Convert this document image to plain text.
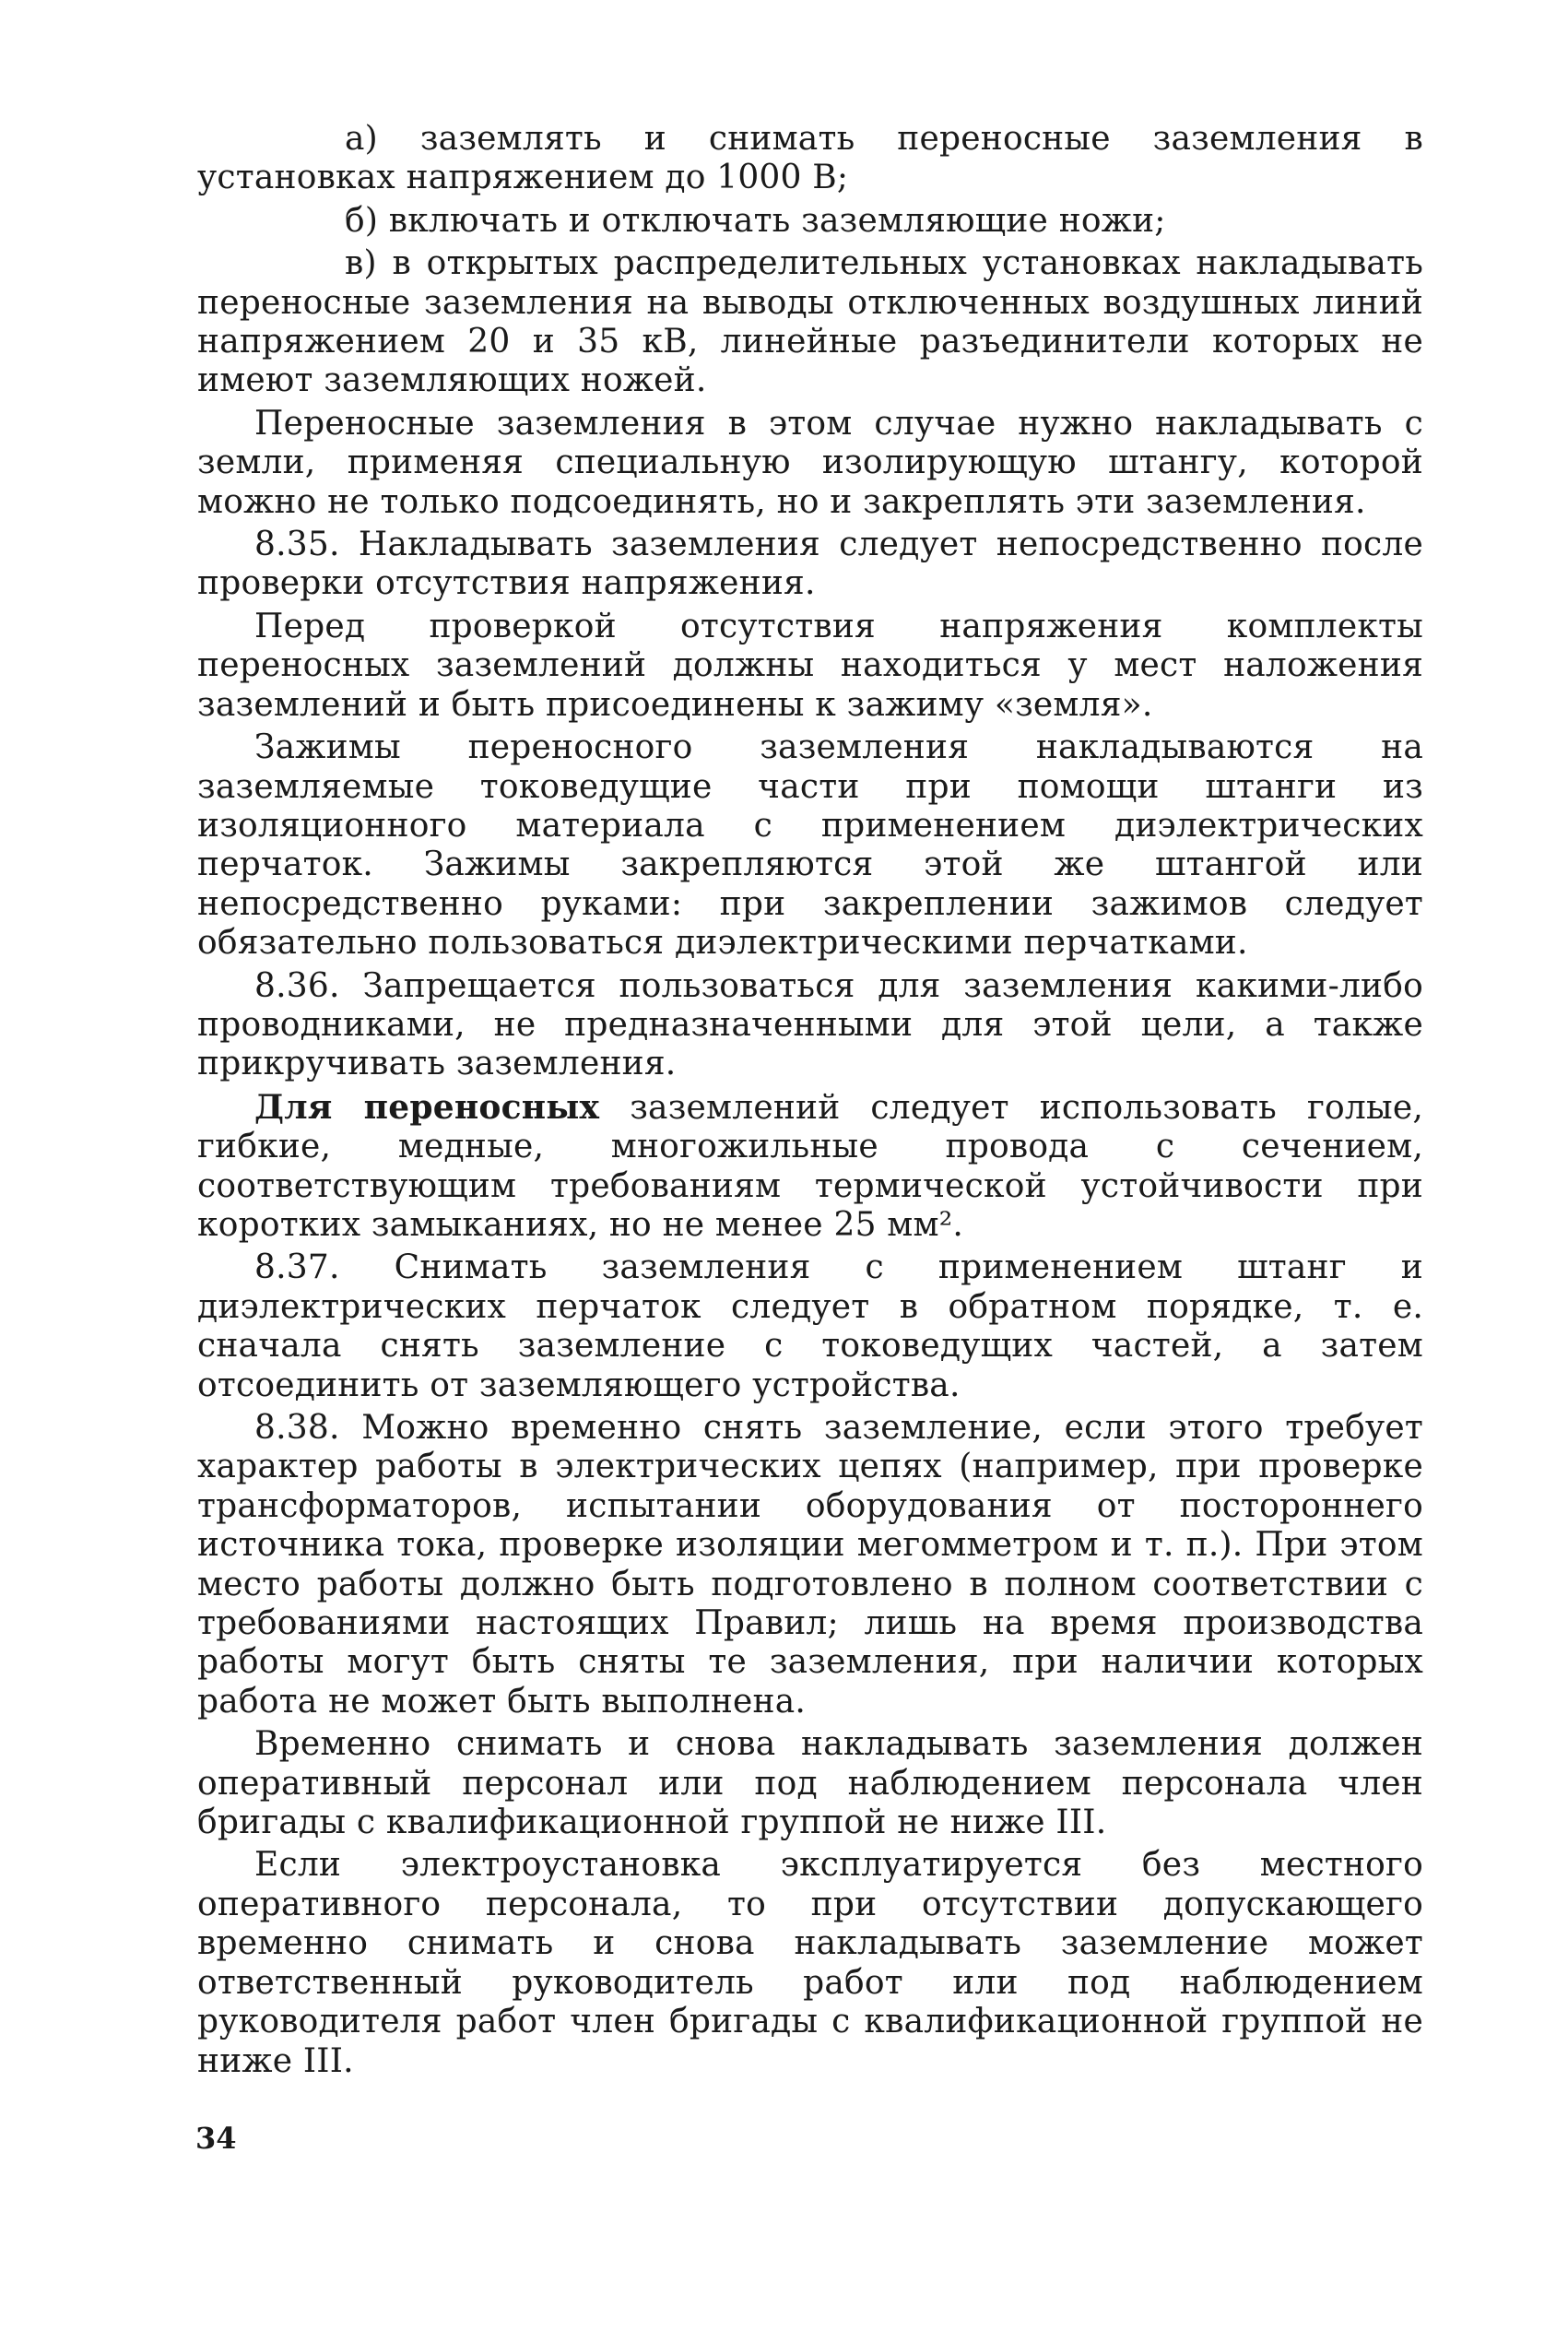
а) заземлять и снимать переносные заземления в установках напряжением до 1000 В;

б) включать и отключать заземляющие ножи;

в) в открытых распределительных установках накладывать переносные заземления на выводы отключенных воздушных линий напряжением 20 и 35 кВ, линейные разъединители которых не имеют заземляющих ножей.

Переносные заземления в этом случае нужно накладывать с земли, применяя специальную изолирующую штангу, которой можно не только подсоединять, но и закреплять эти заземления.

8.35. Накладывать заземления следует непосредственно после проверки отсутствия напряжения.

Перед проверкой отсутствия напряжения комплекты переносных заземлений должны находиться у мест наложения заземлений и быть присоединены к зажиму «земля».

Зажимы переносного заземления накладываются на заземляемые токоведущие части при помощи штанги из изоляционного материала с применением диэлектрических перчаток. Зажимы закрепляются этой же штангой или непосредственно руками: при закреплении зажимов следует обязательно пользоваться диэлектрическими перчатками.

8.36. Запрещается пользоваться для заземления какими-либо проводниками, не предназначенными для этой цели, а также прикручивать заземления.

Для переносных заземлений следует использовать голые, гибкие, медные, многожильные провода с сечением, соответствующим требованиям термической устойчивости при коротких замыканиях, но не менее 25 мм².

8.37. Снимать заземления с применением штанг и диэлектрических перчаток следует в обратном порядке, т. е. сначала снять заземление с токоведущих частей, а затем отсоединить от заземляющего устройства.

8.38. Можно временно снять заземление, если этого требует характер работы в электрических цепях (например, при проверке трансформаторов, испытании оборудования от постороннего источника тока, проверке изоляции мегомметром и т. п.). При этом место работы должно быть подготовлено в полном соответствии с требованиями настоящих Правил; лишь на время производства работы могут быть сняты те заземления, при наличии которых работа не может быть выполнена.

Временно снимать и снова накладывать заземления должен оперативный персонал или под наблюдением персонала член бригады с квалификационной группой не ниже III.

Если электроустановка эксплуатируется без местного оперативного персонала, то при отсутствии допускающего временно снимать и снова накладывать заземление может ответственный руководитель работ или под наблюдением руководителя работ член бригады с квалификационной группой не ниже III.

34
